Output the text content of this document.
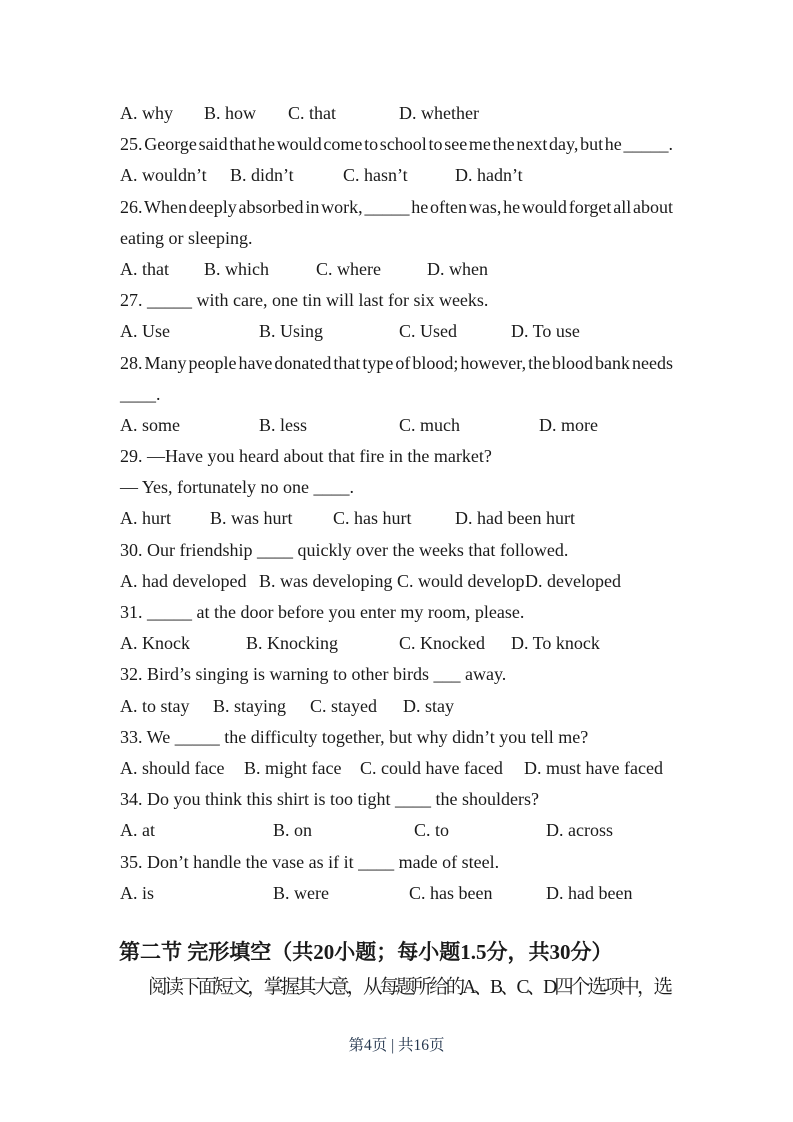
A. why B. how C. that	D. whether
25. George said that he would come to school to see me the next day, but he _____.
A. wouldn’t B. didn’t	C. hasn’t	D. hadn’t
26. When deeply absorbed in work, _____ he often was, he would forget all about
eating or sleeping.
A. that B. which	C. where	D. when
27. _____ with care, one tin will last for six weeks.
A. Use	B. Using	C. Used	D. To use
28. Many people have donated that type of blood; however, the blood bank needs
____.
A. some	B. less	C. much	D. more
29. —Have you heard about that fire in the market?
— Yes, fortunately no one ____.
A. hurt B. was hurt C. has hurt D. had been hurt
30. Our friendship ____ quickly over the weeks that followed.
A. had developed B. was developing C. would develop D. developed
31. _____ at the door before you enter my room, please.
A. Knock	B. Knocking	C. Knocked D. To knock
32. Bird’s singing is warning to other birds ___ away.
A. to stay B. staying C. stayed D. stay
33. We _____ the difficulty together, but why didn’t you tell me?
A. should face B. might face C. could have faced D. must have faced
34. Do you think this shirt is too tight ____ the shoulders?
A. at	B. on	C. to	D. across
35. Don’t handle the vase as if it ____ made of steel.
A. is	B. were	C. has been	D. had been
第二节 完形填空（共20小题；每小题1.5分，共30分）
阅读下面短文，掌握其大意，从每题所给的A、B、C、D四个选项中，选
第4页 | 共16页
